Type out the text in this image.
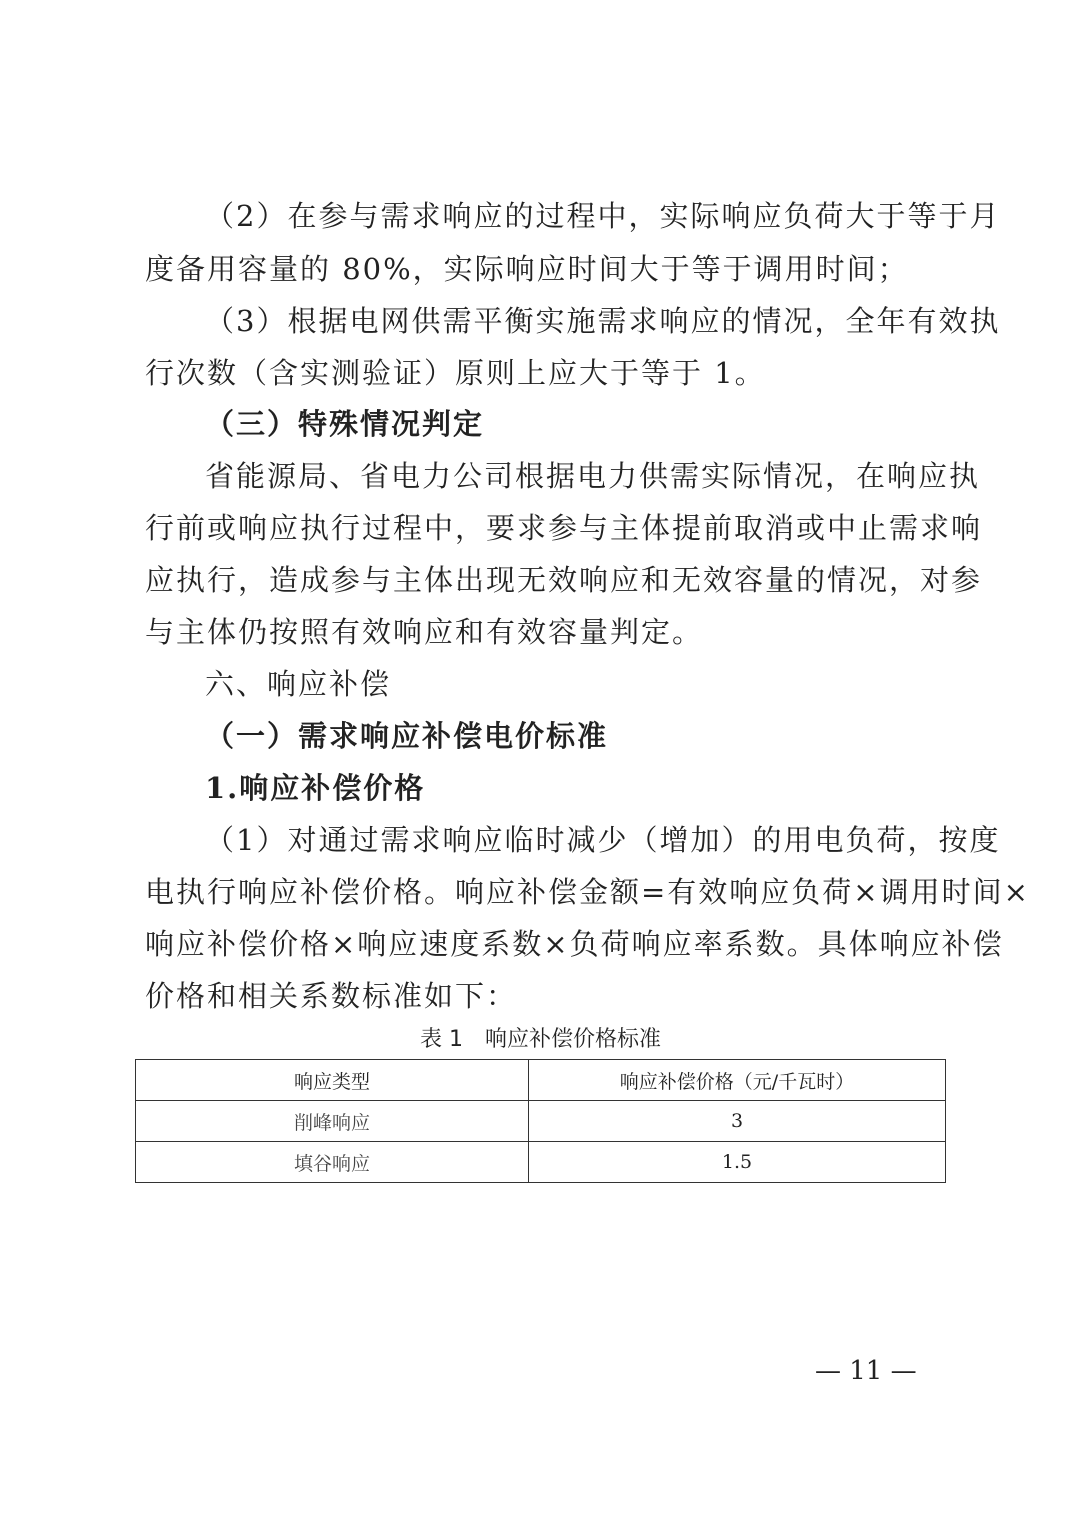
（2）在参与需求响应的过程中，实际响应负荷大于等于月
度备用容量的 80%，实际响应时间大于等于调用时间；
（3）根据电网供需平衡实施需求响应的情况，全年有效执
行次数（含实测验证）原则上应大于等于 1。
（三）特殊情况判定
省能源局、省电力公司根据电力供需实际情况，在响应执
行前或响应执行过程中，要求参与主体提前取消或中止需求响
应执行，造成参与主体出现无效响应和无效容量的情况，对参
与主体仍按照有效响应和有效容量判定。
六、响应补偿
（一）需求响应补偿电价标准
1.响应补偿价格
（1）对通过需求响应临时减少（增加）的用电负荷，按度
电执行响应补偿价格。响应补偿金额=有效响应负荷×调用时间×
响应补偿价格×响应速度系数×负荷响应率系数。具体响应补偿
价格和相关系数标准如下：
表 1　响应补偿价格标准
响应类型	响应补偿价格（元/千瓦时）
削峰响应	3
填谷响应	1.5
— 11 —
